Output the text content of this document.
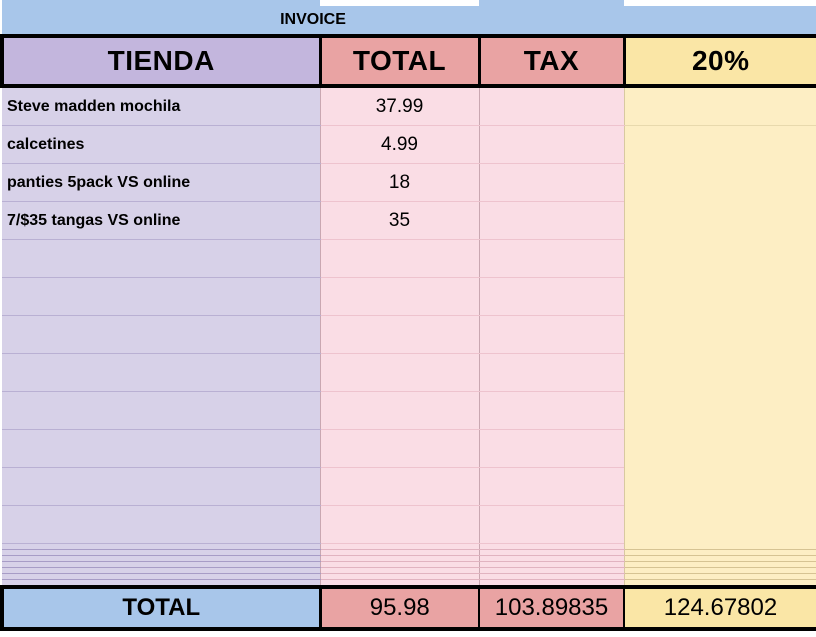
INVOICE			
TIENDA	TOTAL	TAX	20%
Steve madden mochila	37.99		
calcetines	4.99		
panties 5pack VS online	18		
7/$35 tangas VS online	35		

TOTAL	95.98	103.89835	124.67802
